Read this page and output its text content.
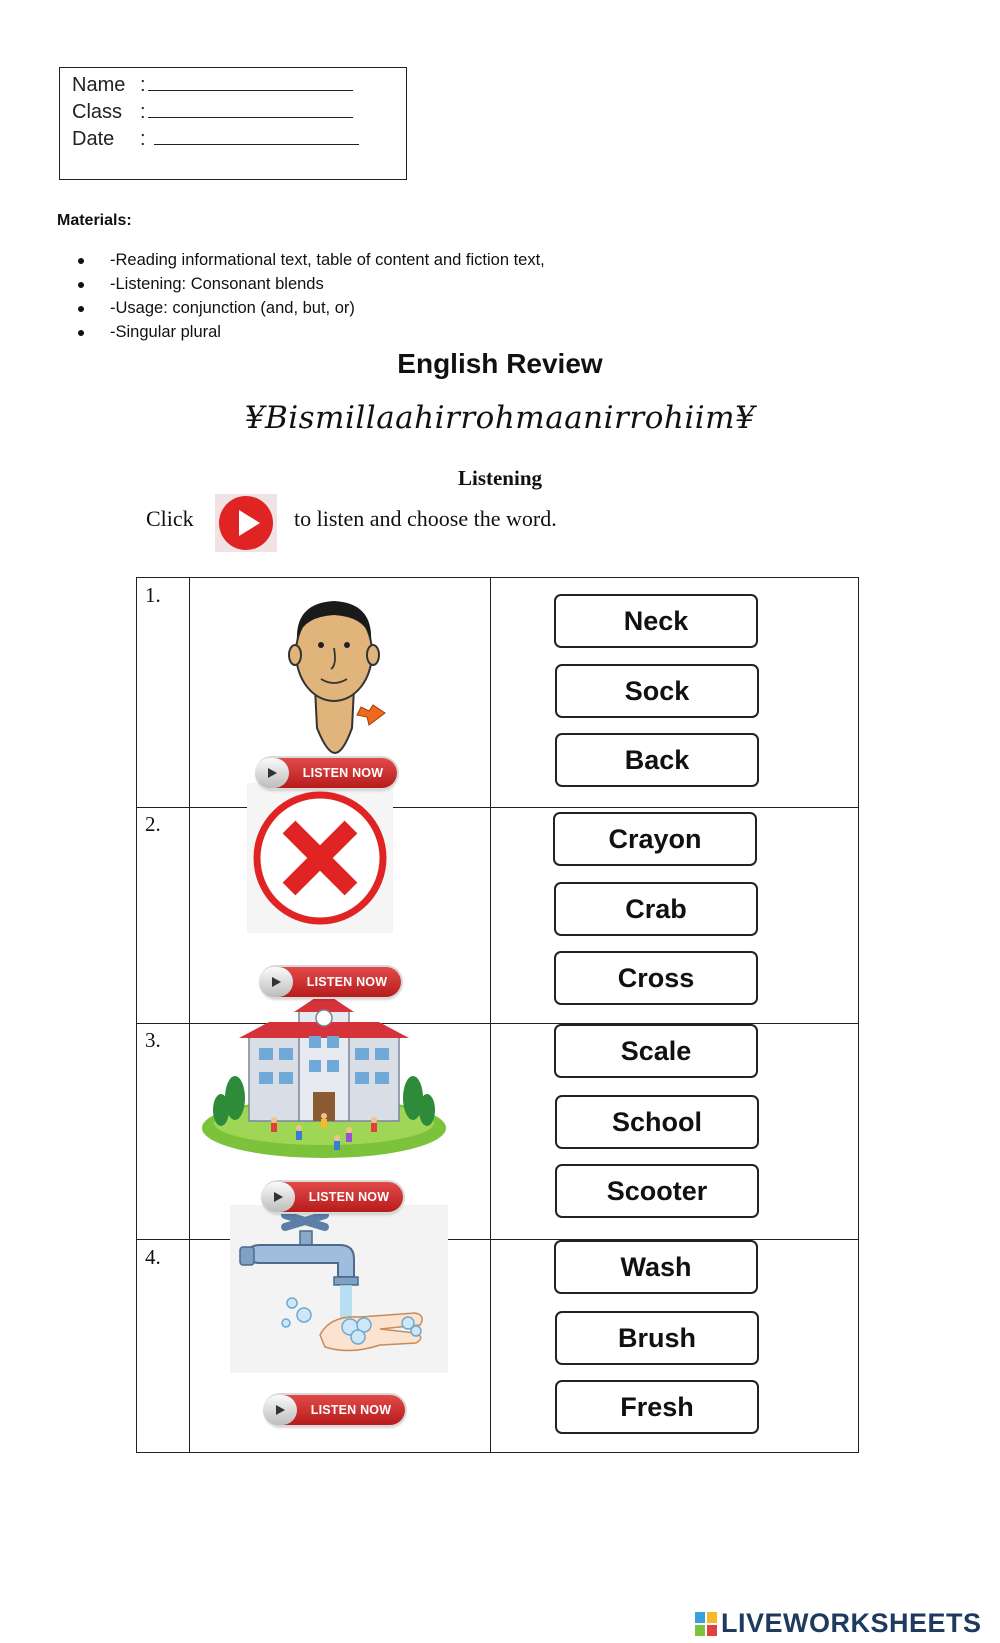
Name :
Class :
Date	:
Materials:
-Reading informational text, table of content and fiction text,
-Listening: Consonant blends
-Usage: conjunction (and, but, or)
-Singular plural
English Review
¥Bismillaahirrohmaanirrohiim¥
Listening
Click	to listen and choose the word.
1.
2.
3.
4.
LISTEN NOW
LISTEN NOW
LISTEN NOW
LISTEN NOW
Neck
Sock
Back
Crayon
Crab
Cross
Scale
School
Scooter
Wash
Brush
Fresh
LIVEWORKSHEETS
